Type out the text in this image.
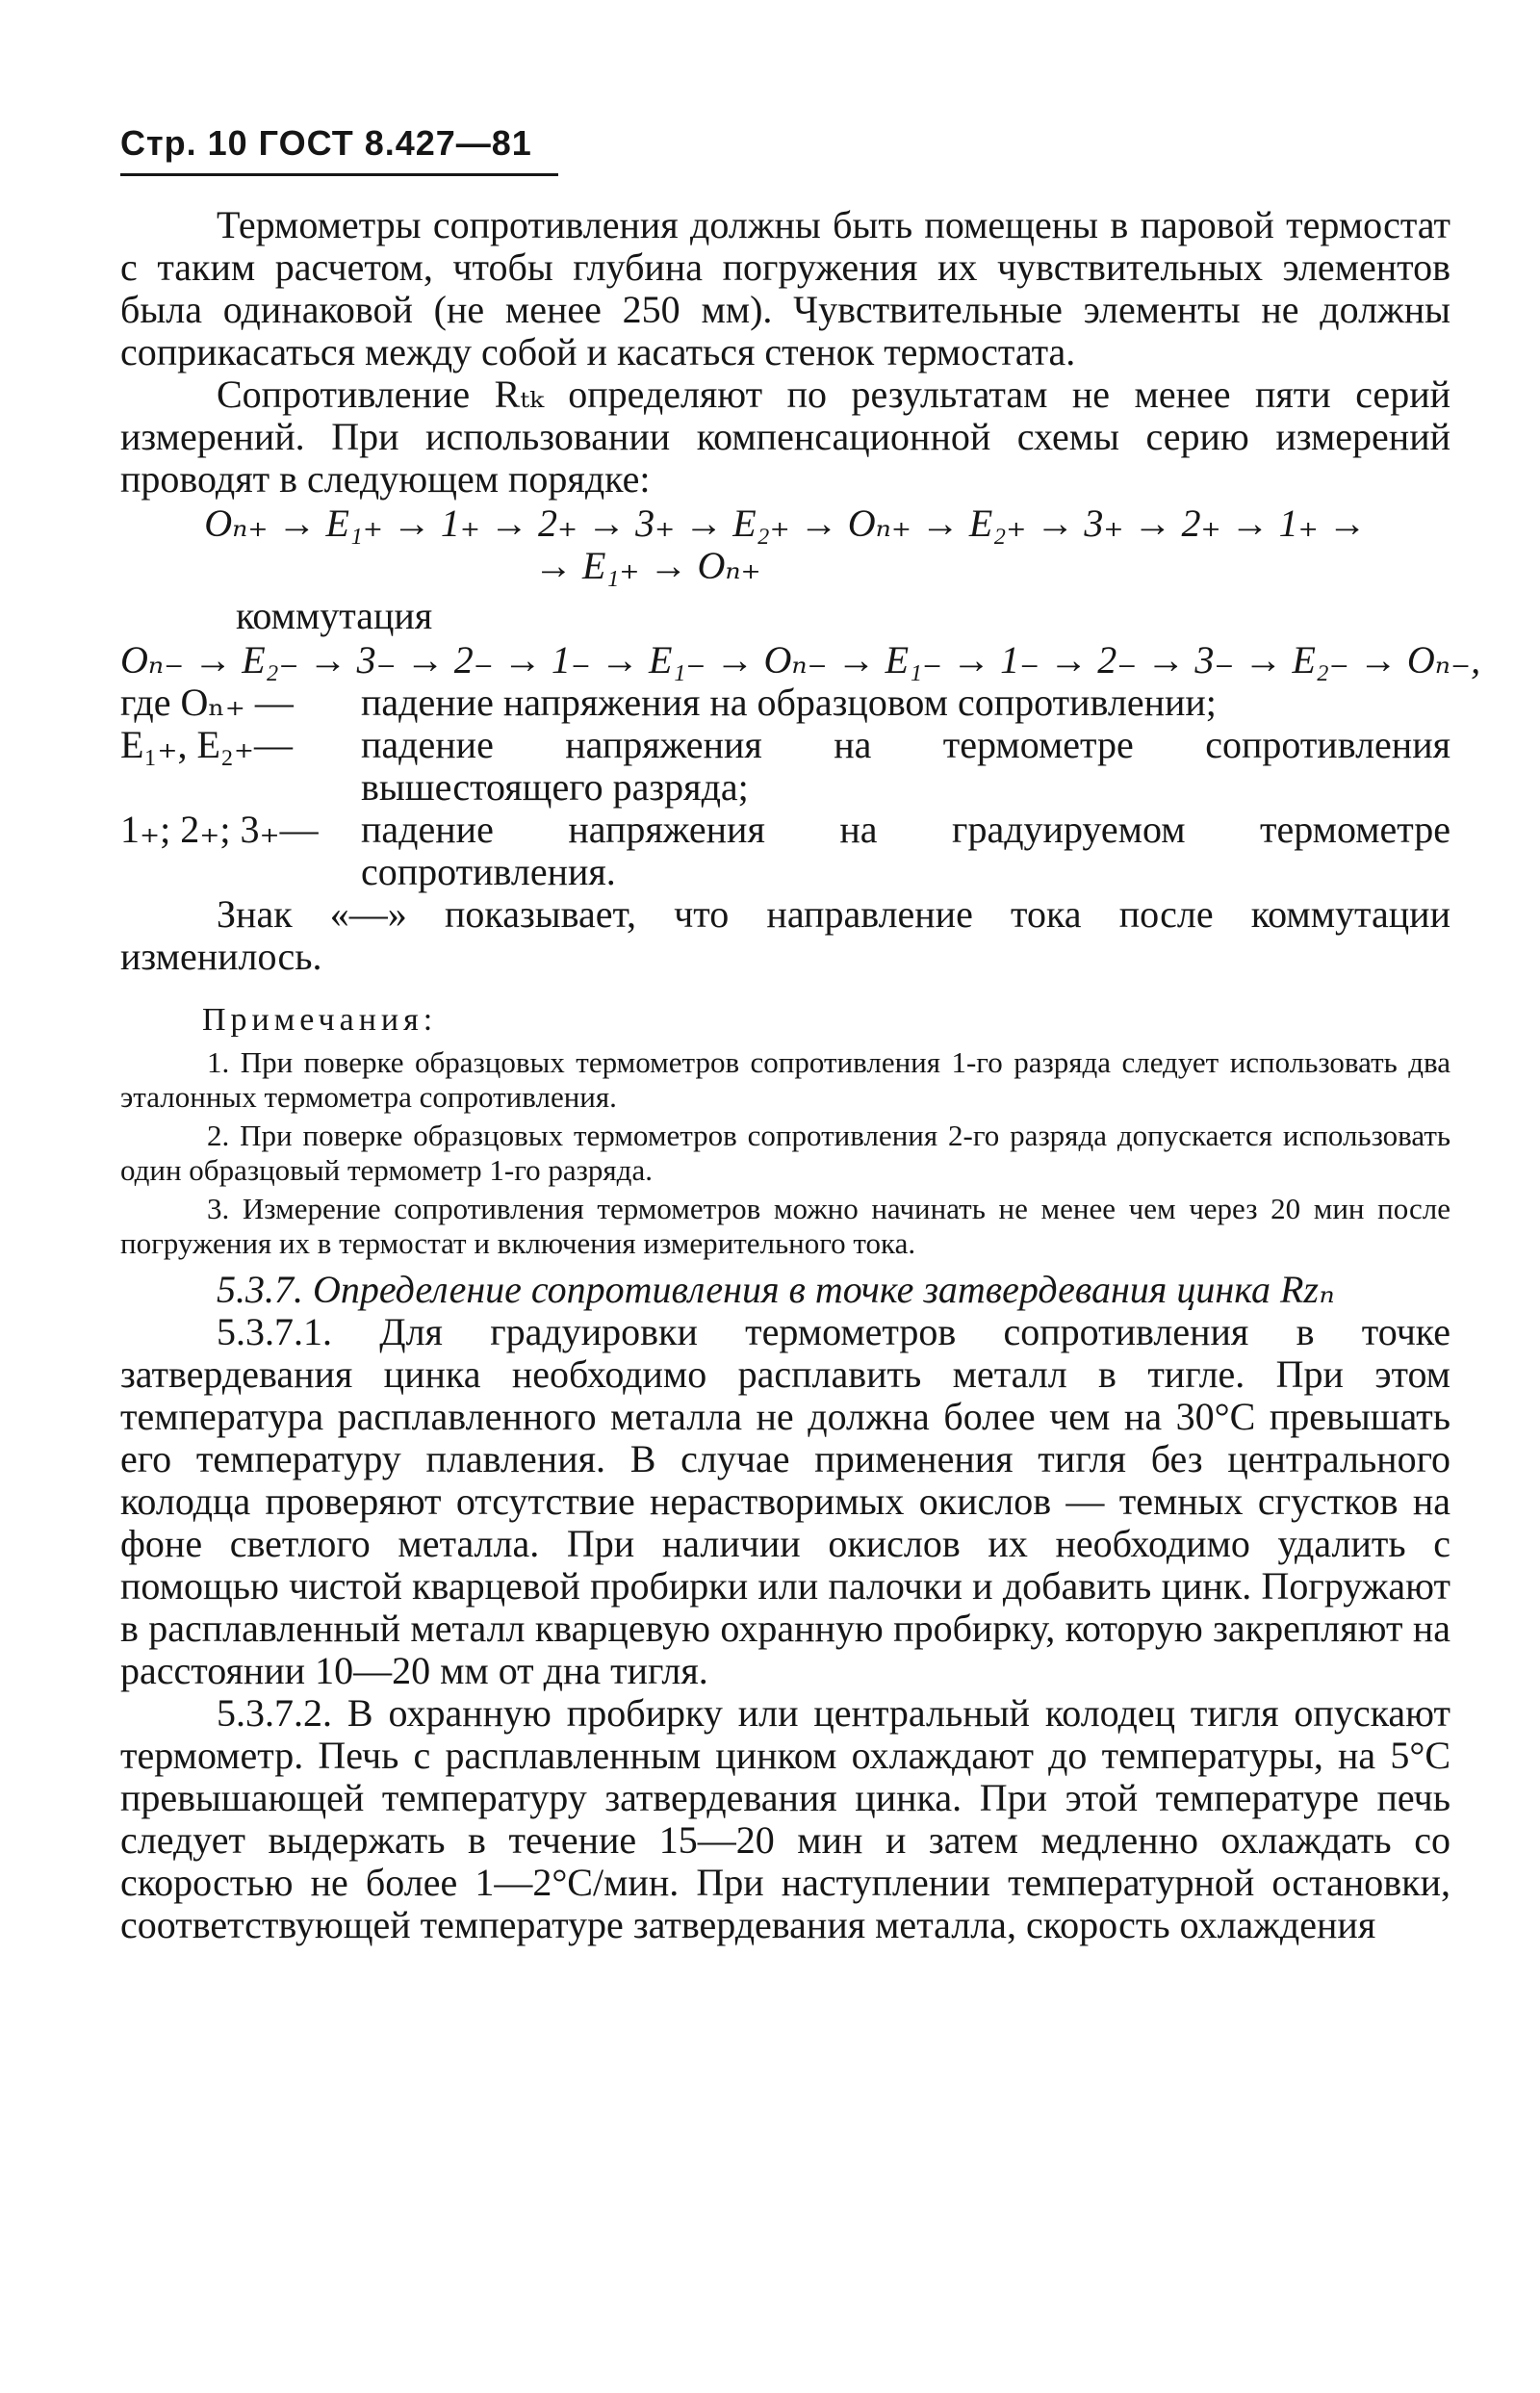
Стр. 10 ГОСТ 8.427—81

Термометры сопротивления должны быть помещены в паровой термостат с таким расчетом, чтобы глубина погружения их чувствительных элементов была одинаковой (не менее 250 мм). Чувствительные элементы не должны соприкасаться между собой и касаться стенок термостата.

Сопротивление Rₜₖ определяют по результатам не менее пяти серий измерений. При использовании компенсационной схемы серию измерений проводят в следующем порядке:

Oₙ₊ → E₁₊ → 1₊ → 2₊ → 3₊ → E₂₊ → Oₙ₊ → E₂₊ → 3₊ → 2₊ → 1₊ →
→ E₁₊ → Oₙ₊
коммутация
Oₙ₋ → E₂₋ → 3₋ → 2₋ → 1₋ → E₁₋ → Oₙ₋ → E₁₋ → 1₋ → 2₋ → 3₋ → E₂₋ → Oₙ₋,
где Oₙ₊ —	падение напряжения на образцовом сопротивлении;
E₁₊, E₂₊—	падение напряжения на термометре сопротивления вышестоящего разряда;
1₊; 2₊; 3₊—	падение напряжения на градуируемом термометре сопротивления.

Знак «—» показывает, что направление тока после коммутации изменилось.

Примечания:
1. При поверке образцовых термометров сопротивления 1-го разряда следует использовать два эталонных термометра сопротивления.
2. При поверке образцовых термометров сопротивления 2-го разряда допускается использовать один образцовый термометр 1-го разряда.
3. Измерение сопротивления термометров можно начинать не менее чем через 20 мин после погружения их в термостат и включения измерительного тока.
5.3.7. Определение сопротивления в точке затвердевания цинка Rᴢₙ

5.3.7.1. Для градуировки термометров сопротивления в точке затвердевания цинка необходимо расплавить металл в тигле. При этом температура расплавленного металла не должна более чем на 30°С превышать его температуру плавления. В случае применения тигля без центрального колодца проверяют отсутствие нерастворимых окислов — темных сгустков на фоне светлого металла. При наличии окислов их необходимо удалить с помощью чистой кварцевой пробирки или палочки и добавить цинк. Погружают в расплавленный металл кварцевую охранную пробирку, которую закрепляют на расстоянии 10—20 мм от дна тигля.

5.3.7.2. В охранную пробирку или центральный колодец тигля опускают термометр. Печь с расплавленным цинком охлаждают до температуры, на 5°С превышающей температуру затвердевания цинка. При этой температуре печь следует выдержать в течение 15—20 мин и затем медленно охлаждать со скоростью не более 1—2°С/мин. При наступлении температурной остановки, соответствующей температуре затвердевания металла, скорость охлаждения
